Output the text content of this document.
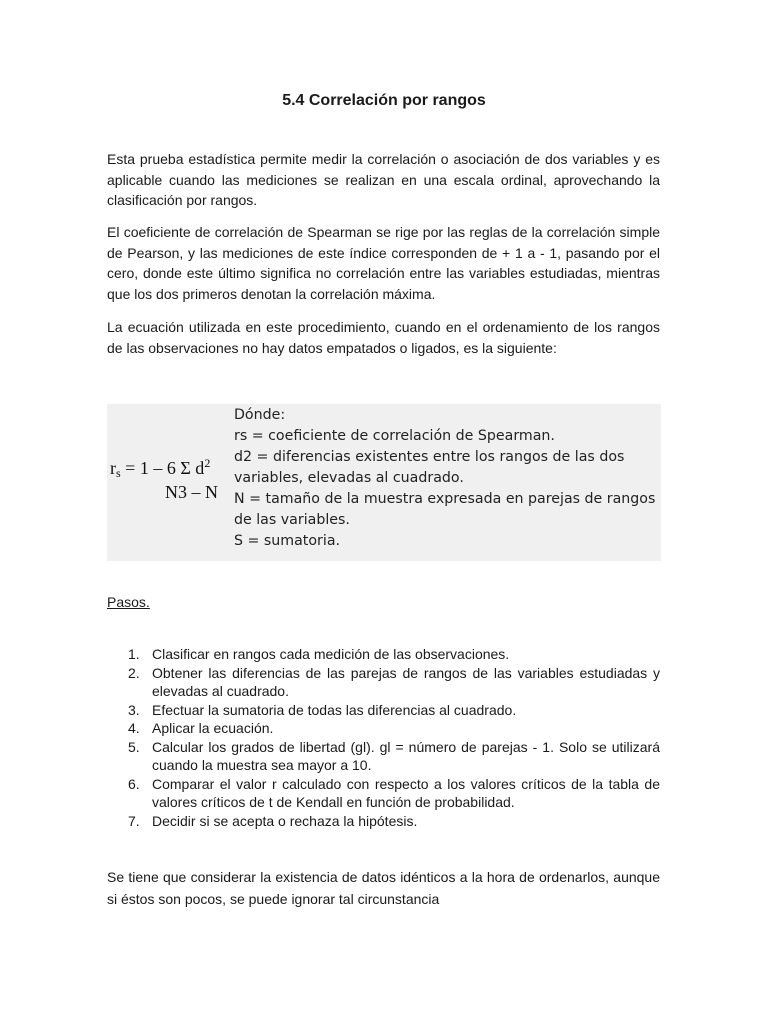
5.4 Correlación por rangos

Esta prueba estadística permite medir la correlación o asociación de dos variables y es aplicable cuando las mediciones se realizan en una escala ordinal, aprovechando la clasificación por rangos.

El coeficiente de correlación de Spearman se rige por las reglas de la correlación simple de Pearson, y las mediciones de este índice corresponden de + 1 a - 1, pasando por el cero, donde este último significa no correlación entre las variables estudiadas, mientras que los dos primeros denotan la correlación máxima.

La ecuación utilizada en este procedimiento, cuando en el ordenamiento de los rangos de las observaciones no hay datos empatados o ligados, es la siguiente:

$r_s = 1 - 6$ Σ $d^2$
N3 – N
Dónde:
rs = coeficiente de correlación de Spearman.
d2 = diferencias existentes entre los rangos de las dos variables, elevadas al cuadrado.
N = tamaño de la muestra expresada en parejas de rangos de las variables.
S = sumatoria.
Pasos.
1. Clasificar en rangos cada medición de las observaciones.
2. Obtener las diferencias de las parejas de rangos de las variables estudiadas y elevadas al cuadrado.
3. Efectuar la sumatoria de todas las diferencias al cuadrado.
4. Aplicar la ecuación.
5. Calcular los grados de libertad (gl). gl = número de parejas - 1. Solo se utilizará cuando la muestra sea mayor a 10.
6. Comparar el valor r calculado con respecto a los valores críticos de la tabla de valores críticos de t de Kendall en función de probabilidad.
7. Decidir si se acepta o rechaza la hipótesis.

Se tiene que considerar la existencia de datos idénticos a la hora de ordenarlos, aunque si éstos son pocos, se puede ignorar tal circunstancia
